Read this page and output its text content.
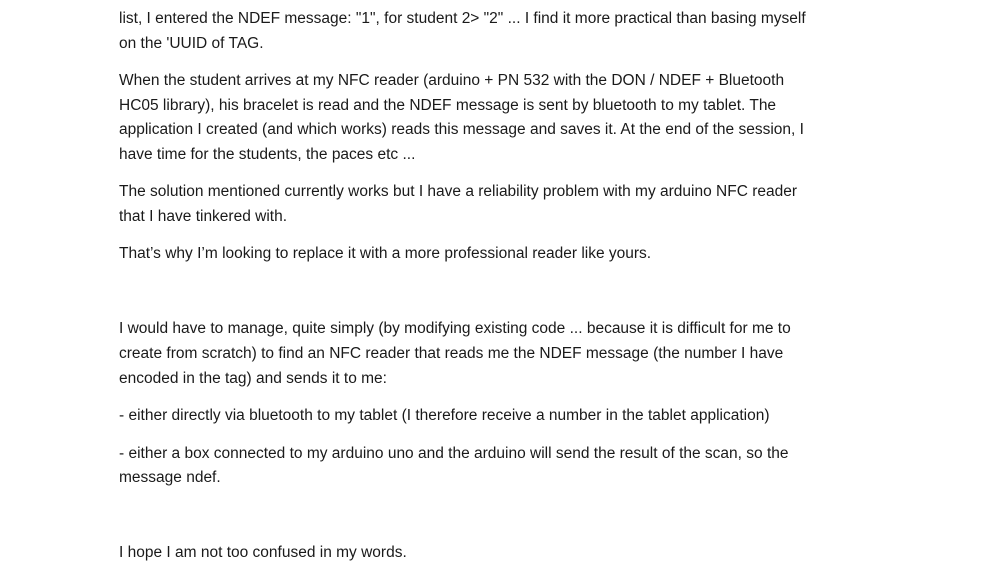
list, I entered the NDEF message: "1", for student 2> "2" ... I find it more practical than basing myself
on the 'UUID of TAG.
When the student arrives at my NFC reader (arduino + PN 532 with the DON / NDEF + Bluetooth
HC05 library), his bracelet is read and the NDEF message is sent by bluetooth to my tablet. The
application I created (and which works) reads this message and saves it. At the end of the session, I
have time for the students, the paces etc ...
The solution mentioned currently works but I have a reliability problem with my arduino NFC reader
that I have tinkered with.
That’s why I’m looking to replace it with a more professional reader like yours.
I would have to manage, quite simply (by modifying existing code ... because it is difficult for me to
create from scratch) to find an NFC reader that reads me the NDEF message (the number I have
encoded in the tag) and sends it to me:
- either directly via bluetooth to my tablet (I therefore receive a number in the tablet application)
- either a box connected to my arduino uno and the arduino will send the result of the scan, so the
message ndef.
I hope I am not too confused in my words.
